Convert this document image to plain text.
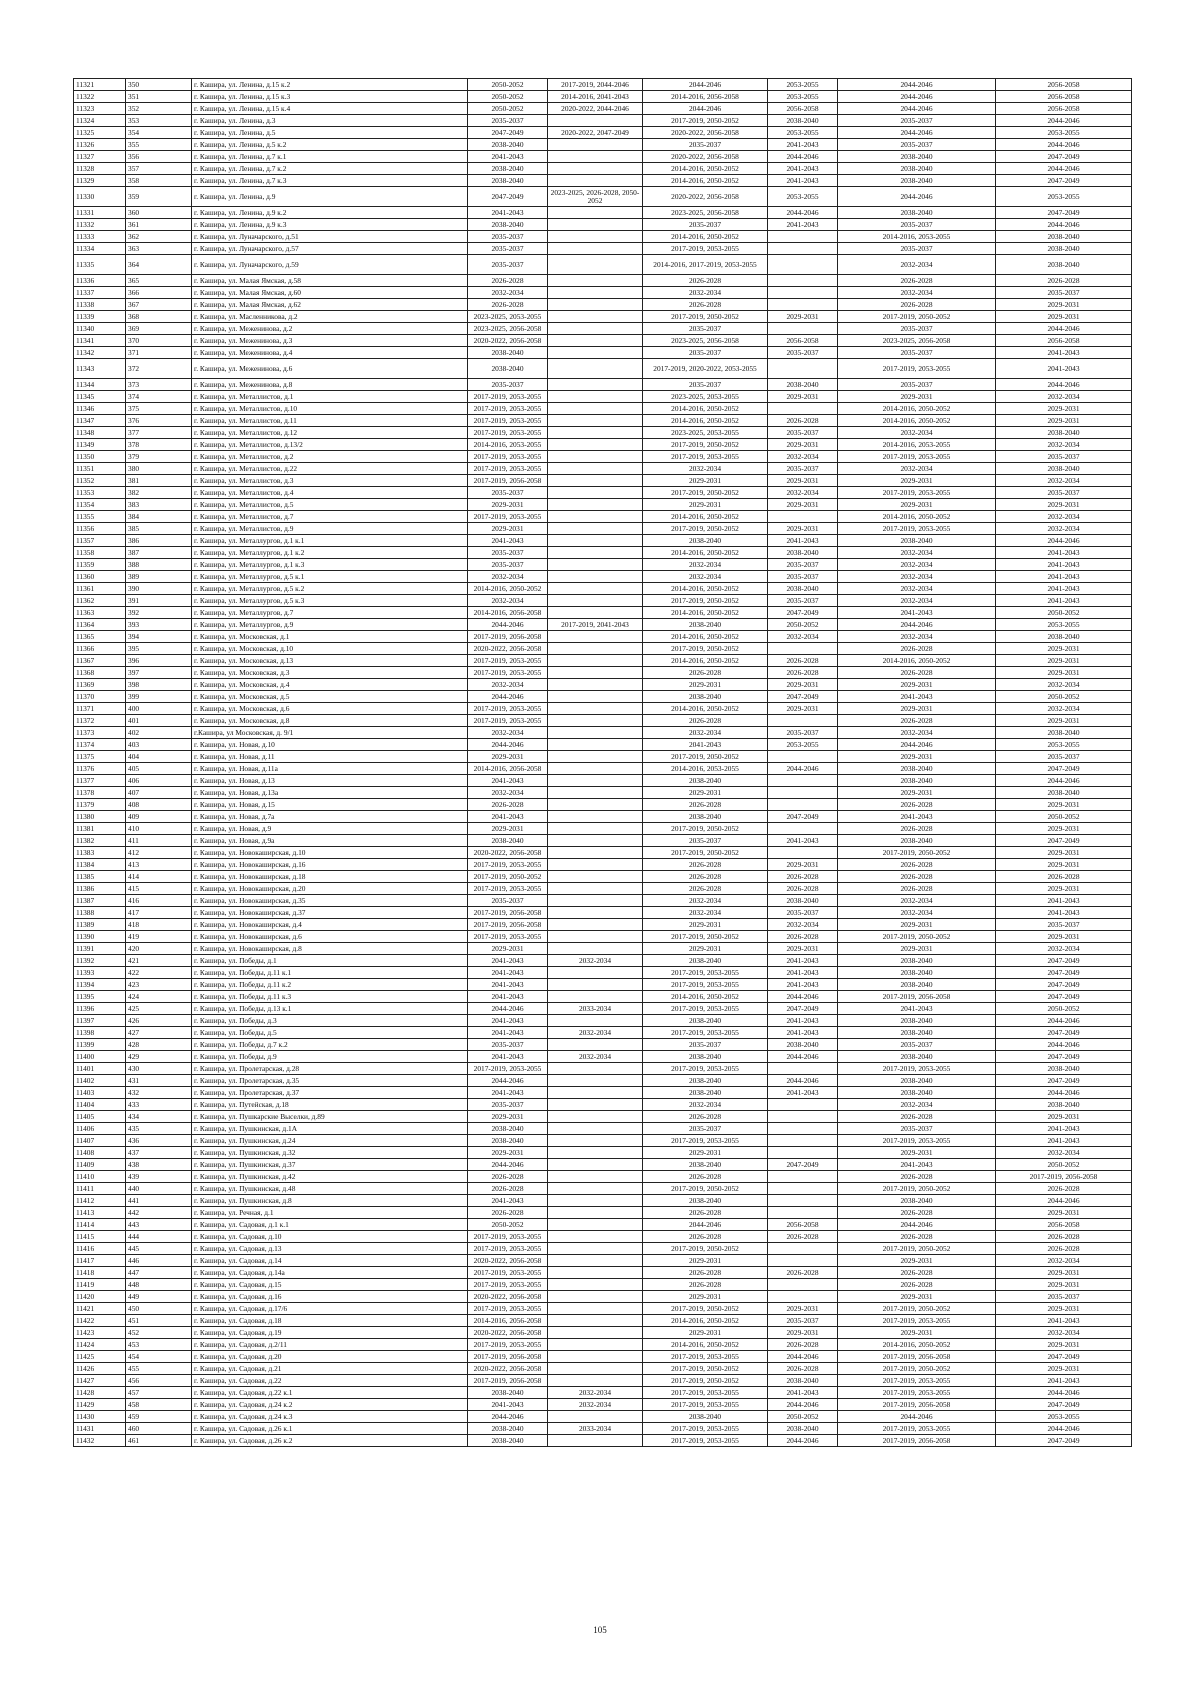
11321	350	г. Кашира, ул. Ленина, д.15 к.2	2050-2052	2017-2019, 2044-2046	2044-2046	2053-2055	2044-2046	2056-2058
11322	351	г. Кашира, ул. Ленина, д.15 к.3	2050-2052	2014-2016, 2041-2043	2014-2016, 2056-2058	2053-2055	2044-2046	2056-2058
11323	352	г. Кашира, ул. Ленина, д.15 к.4	2050-2052	2020-2022, 2044-2046	2044-2046	2056-2058	2044-2046	2056-2058
11324	353	г. Кашира, ул. Ленина, д.3	2035-2037		2017-2019, 2050-2052	2038-2040	2035-2037	2044-2046
11325	354	г. Кашира, ул. Ленина, д.5	2047-2049	2020-2022, 2047-2049	2020-2022, 2056-2058	2053-2055	2044-2046	2053-2055
11326	355	г. Кашира, ул. Ленина, д.5 к.2	2038-2040		2035-2037	2041-2043	2035-2037	2044-2046
11327	356	г. Кашира, ул. Ленина, д.7 к.1	2041-2043		2020-2022, 2056-2058	2044-2046	2038-2040	2047-2049
11328	357	г. Кашира, ул. Ленина, д.7 к.2	2038-2040		2014-2016, 2050-2052	2041-2043	2038-2040	2044-2046
11329	358	г. Кашира, ул. Ленина, д.7 к.3	2038-2040		2014-2016, 2050-2052	2041-2043	2038-2040	2047-2049
11330	359	г. Кашира, ул. Ленина, д.9	2047-2049	2023-2025, 2026-2028, 2050-2052	2020-2022, 2056-2058	2053-2055	2044-2046	2053-2055
11331	360	г. Кашира, ул. Ленина, д.9 к.2	2041-2043		2023-2025, 2056-2058	2044-2046	2038-2040	2047-2049
11332	361	г. Кашира, ул. Ленина, д.9 к.3	2038-2040		2035-2037	2041-2043	2035-2037	2044-2046
11333	362	г. Кашира, ул. Луначарского, д.51	2035-2037		2014-2016, 2050-2052		2014-2016, 2053-2055	2038-2040
11334	363	г. Кашира, ул. Луначарского, д.57	2035-2037		2017-2019, 2053-2055		2035-2037	2038-2040
11335	364	г. Кашира, ул. Луначарского, д.59	2035-2037		2014-2016, 2017-2019, 2053-2055		2032-2034	2038-2040
11336	365	г. Кашира, ул. Малая Ямская, д.58	2026-2028		2026-2028		2026-2028	2026-2028
11337	366	г. Кашира, ул. Малая Ямская, д.60	2032-2034		2032-2034		2032-2034	2035-2037
11338	367	г. Кашира, ул. Малая Ямская, д.62	2026-2028		2026-2028		2026-2028	2029-2031
11339	368	г. Кашира, ул. Масленникова, д.2	2023-2025, 2053-2055		2017-2019, 2050-2052	2029-2031	2017-2019, 2050-2052	2029-2031
11340	369	г. Кашира, ул. Меженинова, д.2	2023-2025, 2056-2058		2035-2037		2035-2037	2044-2046
11341	370	г. Кашира, ул. Меженинова, д.3	2020-2022, 2056-2058		2023-2025, 2056-2058	2056-2058	2023-2025, 2056-2058	2056-2058
11342	371	г. Кашира, ул. Меженинова, д.4	2038-2040		2035-2037	2035-2037	2035-2037	2041-2043
11343	372	г. Кашира, ул. Меженинова, д.6	2038-2040		2017-2019, 2020-2022, 2053-2055		2017-2019, 2053-2055	2041-2043
11344	373	г. Кашира, ул. Меженинова, д.8	2035-2037		2035-2037	2038-2040	2035-2037	2044-2046
11345	374	г. Кашира, ул. Металлистов, д.1	2017-2019, 2053-2055		2023-2025, 2053-2055	2029-2031	2029-2031	2032-2034
11346	375	г. Кашира, ул. Металлистов, д.10	2017-2019, 2053-2055		2014-2016, 2050-2052		2014-2016, 2050-2052	2029-2031
11347	376	г. Кашира, ул. Металлистов, д.11	2017-2019, 2053-2055		2014-2016, 2050-2052	2026-2028	2014-2016, 2050-2052	2029-2031
11348	377	г. Кашира, ул. Металлистов, д.12	2017-2019, 2053-2055		2023-2025, 2053-2055	2035-2037	2032-2034	2038-2040
11349	378	г. Кашира, ул. Металлистов, д.13/2	2014-2016, 2053-2055		2017-2019, 2050-2052	2029-2031	2014-2016, 2053-2055	2032-2034
11350	379	г. Кашира, ул. Металлистов, д.2	2017-2019, 2053-2055		2017-2019, 2053-2055	2032-2034	2017-2019, 2053-2055	2035-2037
11351	380	г. Кашира, ул. Металлистов, д.22	2017-2019, 2053-2055		2032-2034	2035-2037	2032-2034	2038-2040
11352	381	г. Кашира, ул. Металлистов, д.3	2017-2019, 2056-2058		2029-2031	2029-2031	2029-2031	2032-2034
11353	382	г. Кашира, ул. Металлистов, д.4	2035-2037		2017-2019, 2050-2052	2032-2034	2017-2019, 2053-2055	2035-2037
11354	383	г. Кашира, ул. Металлистов, д.5	2029-2031		2029-2031	2029-2031	2029-2031	2029-2031
11355	384	г. Кашира, ул. Металлистов, д.7	2017-2019, 2053-2055		2014-2016, 2050-2052		2014-2016, 2050-2052	2032-2034
11356	385	г. Кашира, ул. Металлистов, д.9	2029-2031		2017-2019, 2050-2052	2029-2031	2017-2019, 2053-2055	2032-2034
11357	386	г. Кашира, ул. Металлургов, д.1 к.1	2041-2043		2038-2040	2041-2043	2038-2040	2044-2046
11358	387	г. Кашира, ул. Металлургов, д.1 к.2	2035-2037		2014-2016, 2050-2052	2038-2040	2032-2034	2041-2043
11359	388	г. Кашира, ул. Металлургов, д.1 к.3	2035-2037		2032-2034	2035-2037	2032-2034	2041-2043
11360	389	г. Кашира, ул. Металлургов, д.5 к.1	2032-2034		2032-2034	2035-2037	2032-2034	2041-2043
11361	390	г. Кашира, ул. Металлургов, д.5 к.2	2014-2016, 2050-2052		2014-2016, 2050-2052	2038-2040	2032-2034	2041-2043
11362	391	г. Кашира, ул. Металлургов, д.5 к.3	2032-2034		2017-2019, 2050-2052	2035-2037	2032-2034	2041-2043
11363	392	г. Кашира, ул. Металлургов, д.7	2014-2016, 2056-2058		2014-2016, 2050-2052	2047-2049	2041-2043	2050-2052
11364	393	г. Кашира, ул. Металлургов, д.9	2044-2046	2017-2019, 2041-2043	2038-2040	2050-2052	2044-2046	2053-2055
11365	394	г. Кашира, ул. Московская, д.1	2017-2019, 2056-2058		2014-2016, 2050-2052	2032-2034	2032-2034	2038-2040
11366	395	г. Кашира, ул. Московская, д.10	2020-2022, 2056-2058		2017-2019, 2050-2052		2026-2028	2029-2031
11367	396	г. Кашира, ул. Московская, д.13	2017-2019, 2053-2055		2014-2016, 2050-2052	2026-2028	2014-2016, 2050-2052	2029-2031
11368	397	г. Кашира, ул. Московская, д.3	2017-2019, 2053-2055		2026-2028	2026-2028	2026-2028	2029-2031
11369	398	г. Кашира, ул. Московская, д.4	2032-2034		2029-2031	2029-2031	2029-2031	2032-2034
11370	399	г. Кашира, ул. Московская, д.5	2044-2046		2038-2040	2047-2049	2041-2043	2050-2052
11371	400	г. Кашира, ул. Московская, д.6	2017-2019, 2053-2055		2014-2016, 2050-2052	2029-2031	2029-2031	2032-2034
11372	401	г. Кашира, ул. Московская, д.8	2017-2019, 2053-2055		2026-2028		2026-2028	2029-2031
11373	402	г.Кашира, ул Московская, д. 9/1	2032-2034		2032-2034	2035-2037	2032-2034	2038-2040
11374	403	г. Кашира, ул. Новая, д.10	2044-2046		2041-2043	2053-2055	2044-2046	2053-2055
11375	404	г. Кашира, ул. Новая, д.11	2029-2031		2017-2019, 2050-2052		2029-2031	2035-2037
11376	405	г. Кашира, ул. Новая, д.11а	2014-2016, 2056-2058		2014-2016, 2053-2055	2044-2046	2038-2040	2047-2049
11377	406	г. Кашира, ул. Новая, д.13	2041-2043		2038-2040		2038-2040	2044-2046
11378	407	г. Кашира, ул. Новая, д.13а	2032-2034		2029-2031		2029-2031	2038-2040
11379	408	г. Кашира, ул. Новая, д.15	2026-2028		2026-2028		2026-2028	2029-2031
11380	409	г. Кашира, ул. Новая, д.7а	2041-2043		2038-2040	2047-2049	2041-2043	2050-2052
11381	410	г. Кашира, ул. Новая, д.9	2029-2031		2017-2019, 2050-2052		2026-2028	2029-2031
11382	411	г. Кашира, ул. Новая, д.9а	2038-2040		2035-2037	2041-2043	2038-2040	2047-2049
11383	412	г. Кашира, ул. Новокаширская, д.10	2020-2022, 2056-2058		2017-2019, 2050-2052		2017-2019, 2050-2052	2029-2031
11384	413	г. Кашира, ул. Новокаширская, д.16	2017-2019, 2053-2055		2026-2028	2029-2031	2026-2028	2029-2031
11385	414	г. Кашира, ул. Новокаширская, д.18	2017-2019, 2050-2052		2026-2028	2026-2028	2026-2028	2026-2028
11386	415	г. Кашира, ул. Новокаширская, д.20	2017-2019, 2053-2055		2026-2028	2026-2028	2026-2028	2029-2031
11387	416	г. Кашира, ул. Новокаширская, д.35	2035-2037		2032-2034	2038-2040	2032-2034	2041-2043
11388	417	г. Кашира, ул. Новокаширская, д.37	2017-2019, 2056-2058		2032-2034	2035-2037	2032-2034	2041-2043
11389	418	г. Кашира, ул. Новокаширская, д.4	2017-2019, 2056-2058		2029-2031	2032-2034	2029-2031	2035-2037
11390	419	г. Кашира, ул. Новокаширская, д.6	2017-2019, 2053-2055		2017-2019, 2050-2052	2026-2028	2017-2019, 2050-2052	2029-2031
11391	420	г. Кашира, ул. Новокаширская, д.8	2029-2031		2029-2031	2029-2031	2029-2031	2032-2034
11392	421	г. Кашира, ул. Победы, д.1	2041-2043	2032-2034	2038-2040	2041-2043	2038-2040	2047-2049
11393	422	г. Кашира, ул. Победы, д.11 к.1	2041-2043		2017-2019, 2053-2055	2041-2043	2038-2040	2047-2049
11394	423	г. Кашира, ул. Победы, д.11 к.2	2041-2043		2017-2019, 2053-2055	2041-2043	2038-2040	2047-2049
11395	424	г. Кашира, ул. Победы, д.11 к.3	2041-2043		2014-2016, 2050-2052	2044-2046	2017-2019, 2056-2058	2047-2049
11396	425	г. Кашира, ул. Победы, д.13 к.1	2044-2046	2033-2034	2017-2019, 2053-2055	2047-2049	2041-2043	2050-2052
11397	426	г. Кашира, ул. Победы, д.3	2041-2043		2038-2040	2041-2043	2038-2040	2044-2046
11398	427	г. Кашира, ул. Победы, д.5	2041-2043	2032-2034	2017-2019, 2053-2055	2041-2043	2038-2040	2047-2049
11399	428	г. Кашира, ул. Победы, д.7 к.2	2035-2037		2035-2037	2038-2040	2035-2037	2044-2046
11400	429	г. Кашира, ул. Победы, д.9	2041-2043	2032-2034	2038-2040	2044-2046	2038-2040	2047-2049
11401	430	г. Кашира, ул. Пролетарская, д.28	2017-2019, 2053-2055		2017-2019, 2053-2055		2017-2019, 2053-2055	2038-2040
11402	431	г. Кашира, ул. Пролетарская, д.35	2044-2046		2038-2040	2044-2046	2038-2040	2047-2049
11403	432	г. Кашира, ул. Пролетарская, д.37	2041-2043		2038-2040	2041-2043	2038-2040	2044-2046
11404	433	г. Кашира, ул. Путейская, д.18	2035-2037		2032-2034		2032-2034	2038-2040
11405	434	г. Кашира, ул. Пушкарские Выселки, д.89	2029-2031		2026-2028		2026-2028	2029-2031
11406	435	г. Кашира, ул. Пушкинская, д.1А	2038-2040		2035-2037		2035-2037	2041-2043
11407	436	г. Кашира, ул. Пушкинская, д.24	2038-2040		2017-2019, 2053-2055		2017-2019, 2053-2055	2041-2043
11408	437	г. Кашира, ул. Пушкинская, д.32	2029-2031		2029-2031		2029-2031	2032-2034
11409	438	г. Кашира, ул. Пушкинская, д.37	2044-2046		2038-2040	2047-2049	2041-2043	2050-2052
11410	439	г. Кашира, ул. Пушкинская, д.42	2026-2028		2026-2028		2026-2028	2017-2019, 2056-2058
11411	440	г. Кашира, ул. Пушкинская, д.48	2026-2028		2017-2019, 2050-2052		2017-2019, 2050-2052	2026-2028
11412	441	г. Кашира, ул. Пушкинская, д.8	2041-2043		2038-2040		2038-2040	2044-2046
11413	442	г. Кашира, ул. Речная, д.1	2026-2028		2026-2028		2026-2028	2029-2031
11414	443	г. Кашира, ул. Садовая, д.1 к.1	2050-2052		2044-2046	2056-2058	2044-2046	2056-2058
11415	444	г. Кашира, ул. Садовая, д.10	2017-2019, 2053-2055		2026-2028	2026-2028	2026-2028	2026-2028
11416	445	г. Кашира, ул. Садовая, д.13	2017-2019, 2053-2055		2017-2019, 2050-2052		2017-2019, 2050-2052	2026-2028
11417	446	г. Кашира, ул. Садовая, д.14	2020-2022, 2056-2058		2029-2031		2029-2031	2032-2034
11418	447	г. Кашира, ул. Садовая, д.14а	2017-2019, 2053-2055		2026-2028	2026-2028	2026-2028	2029-2031
11419	448	г. Кашира, ул. Садовая, д.15	2017-2019, 2053-2055		2026-2028		2026-2028	2029-2031
11420	449	г. Кашира, ул. Садовая, д.16	2020-2022, 2056-2058		2029-2031		2029-2031	2035-2037
11421	450	г. Кашира, ул. Садовая, д.17/6	2017-2019, 2053-2055		2017-2019, 2050-2052	2029-2031	2017-2019, 2050-2052	2029-2031
11422	451	г. Кашира, ул. Садовая, д.18	2014-2016, 2056-2058		2014-2016, 2050-2052	2035-2037	2017-2019, 2053-2055	2041-2043
11423	452	г. Кашира, ул. Садовая, д.19	2020-2022, 2056-2058		2029-2031	2029-2031	2029-2031	2032-2034
11424	453	г. Кашира, ул. Садовая, д.2/11	2017-2019, 2053-2055		2014-2016, 2050-2052	2026-2028	2014-2016, 2050-2052	2029-2031
11425	454	г. Кашира, ул. Садовая, д.20	2017-2019, 2056-2058		2017-2019, 2053-2055	2044-2046	2017-2019, 2056-2058	2047-2049
11426	455	г. Кашира, ул. Садовая, д.21	2020-2022, 2056-2058		2017-2019, 2050-2052	2026-2028	2017-2019, 2050-2052	2029-2031
11427	456	г. Кашира, ул. Садовая, д.22	2017-2019, 2056-2058		2017-2019, 2050-2052	2038-2040	2017-2019, 2053-2055	2041-2043
11428	457	г. Кашира, ул. Садовая, д.22 к.1	2038-2040	2032-2034	2017-2019, 2053-2055	2041-2043	2017-2019, 2053-2055	2044-2046
11429	458	г. Кашира, ул. Садовая, д.24 к.2	2041-2043	2032-2034	2017-2019, 2053-2055	2044-2046	2017-2019, 2056-2058	2047-2049
11430	459	г. Кашира, ул. Садовая, д.24 к.3	2044-2046		2038-2040	2050-2052	2044-2046	2053-2055
11431	460	г. Кашира, ул. Садовая, д.26 к.1	2038-2040	2033-2034	2017-2019, 2053-2055	2038-2040	2017-2019, 2053-2055	2044-2046
11432	461	г. Кашира, ул. Садовая, д.26 к.2	2038-2040		2017-2019, 2053-2055	2044-2046	2017-2019, 2056-2058	2047-2049
105
